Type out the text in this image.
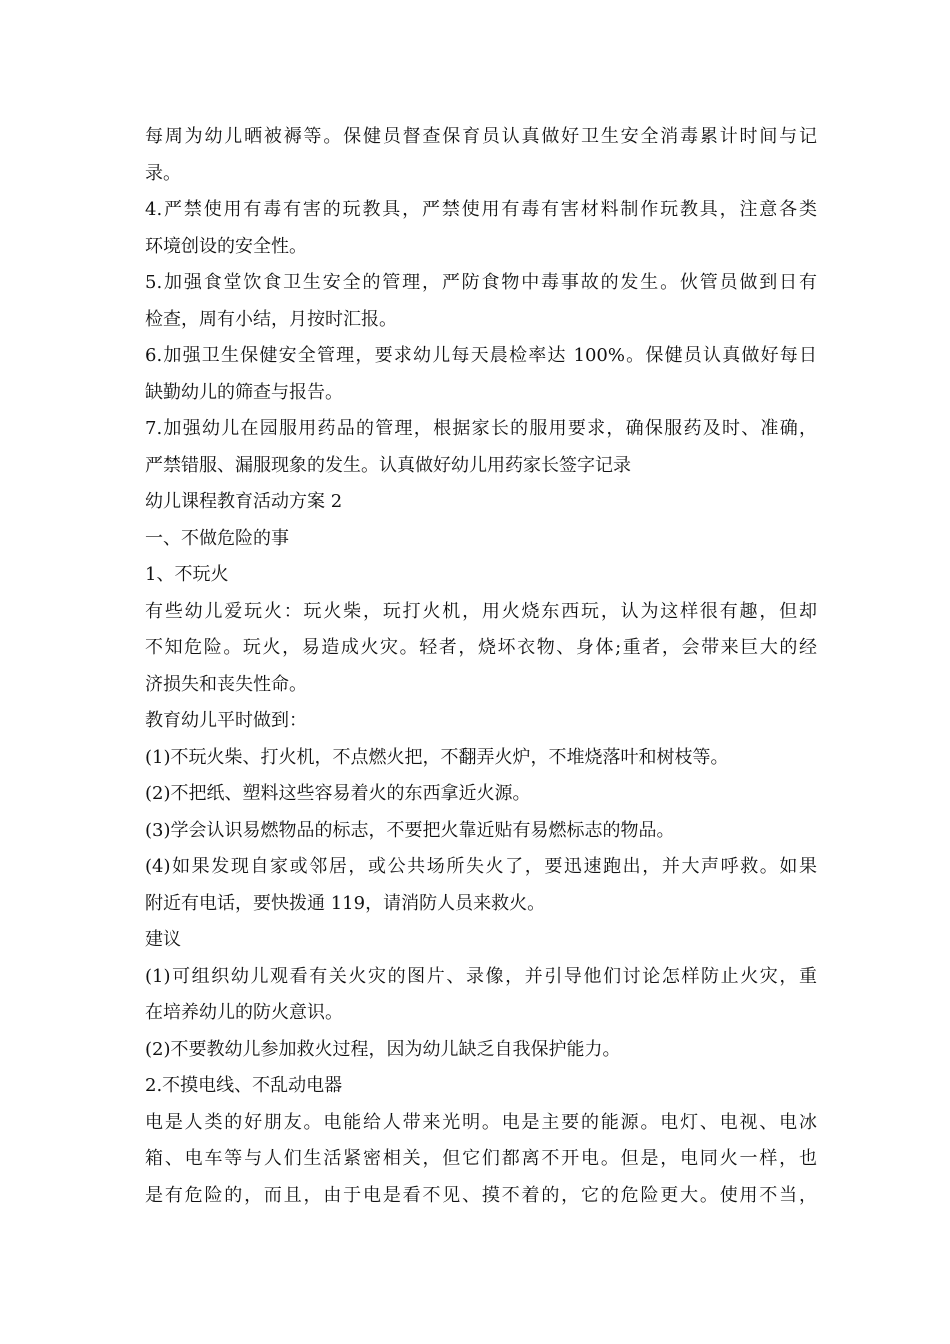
每周为幼儿晒被褥等。保健员督查保育员认真做好卫生安全消毒累计时间与记
录。
4.严禁使用有毒有害的玩教具，严禁使用有毒有害材料制作玩教具，注意各类
环境创设的安全性。
5.加强食堂饮食卫生安全的管理，严防食物中毒事故的发生。伙管员做到日有
检查，周有小结，月按时汇报。
6.加强卫生保健安全管理，要求幼儿每天晨检率达 100%。保健员认真做好每日
缺勤幼儿的筛查与报告。
7.加强幼儿在园服用药品的管理，根据家长的服用要求，确保服药及时、准确，
严禁错服、漏服现象的发生。认真做好幼儿用药家长签字记录
幼儿课程教育活动方案 2
一、不做危险的事
1、不玩火
有些幼儿爱玩火：玩火柴，玩打火机，用火烧东西玩，认为这样很有趣，但却
不知危险。玩火，易造成火灾。轻者，烧坏衣物、身体;重者，会带来巨大的经
济损失和丧失性命。
教育幼儿平时做到：
(1)不玩火柴、打火机，不点燃火把，不翻弄火炉，不堆烧落叶和树枝等。
(2)不把纸、塑料这些容易着火的东西拿近火源。
(3)学会认识易燃物品的标志，不要把火靠近贴有易燃标志的物品。
(4)如果发现自家或邻居，或公共场所失火了，要迅速跑出，并大声呼救。如果
附近有电话，要快拨通 119，请消防人员来救火。
建议
(1)可组织幼儿观看有关火灾的图片、录像，并引导他们讨论怎样防止火灾，重
在培养幼儿的防火意识。
(2)不要教幼儿参加救火过程，因为幼儿缺乏自我保护能力。
2.不摸电线、不乱动电器
电是人类的好朋友。电能给人带来光明。电是主要的能源。电灯、电视、电冰
箱、电车等与人们生活紧密相关，但它们都离不开电。但是，电同火一样，也
是有危险的，而且，由于电是看不见、摸不着的，它的危险更大。使用不当，
